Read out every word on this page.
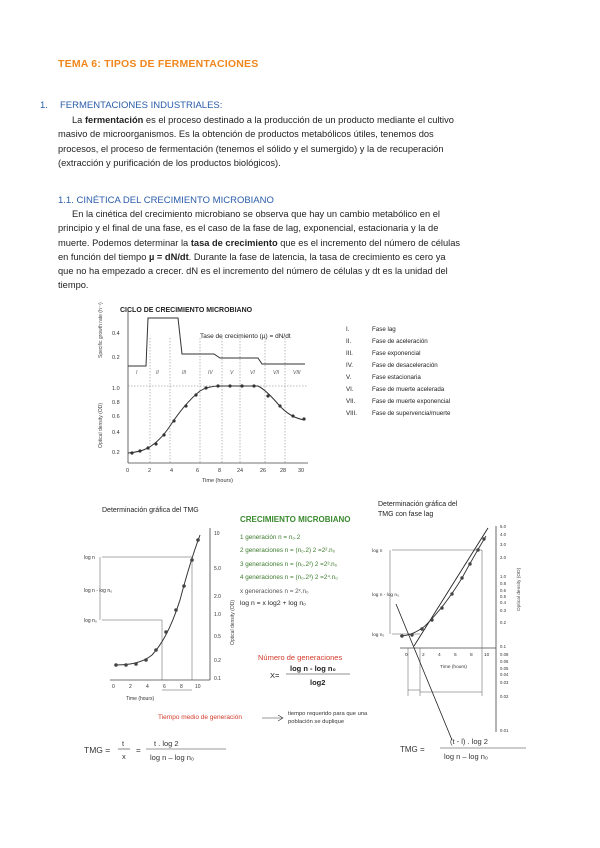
TEMA 6: TIPOS DE FERMENTACIONES
1. FERMENTACIONES INDUSTRIALES:
La fermentación es el proceso destinado a la producción de un producto mediante el cultivo
masivo de microorganismos. Es la obtención de productos metabólicos útiles, tenemos dos
procesos, el proceso de fermentación (tenemos el sólido y el sumergido) y la de recuperación
(extracción y purificación de los productos biológicos).
1.1. CINÉTICA DEL CRECIMIENTO MICROBIANO
En la cinética del crecimiento microbiano se observa que hay un cambio metabólico en el
principio y el final de una fase, es el caso de la fase de lag, exponencial, estacionaria y la de
muerte. Podemos determinar la tasa de crecimiento que es el incremento del número de células
en función del tiempo µ = dN/dt. Durante la fase de latencia, la tasa de crecimiento es cero ya
que no ha empezado a crecer. dN es el incremento del número de células y dt es la unidad del
tiempo.
CICLO DE CRECIMIENTO MICROBIANO
Tase de crecimiento (µ) = dN/dt
Specific growth rate (h⁻¹)
Optical density (OD)
0.4
0.2
1.0
0.8
0.6
0.4
0.2
I	II	III	IV	V	VI	VII	VIII
0	2	4	6	8	24	26	28 30
Time (hours)
I.	Fase lag
II.	Fase de aceleración
III.	Fase exponencial
IV.	Fase de desaceleración
V.	Fase estacionaria
VI.	Fase de muerte acelerada
VII.	Fase de muerte exponencial
VIII. Fase de supervencia/muerte
Determinación gráfica del TMG
10
5.0
2.0
1.0
0.5
0.2
0.1
Optical density (OD)
log n
log n - log n₀
log n₀
0	2	4	6	8 10
Time (hours)
TMG =
t
x
=
t . log 2
log n – log n₀
CRECIMIENTO MICROBIANO
1 generación n = n₀.2
2 generaciones n = (n₀.2) 2 =2².n₀
3 generaciones n = (n₀.2²) 2 =2³.n₀
4 generaciones n = (n₀.2³) 2 =2⁴.n₀
x generaciones n = 2ˣ.n₀
log n = x log2 + log n₀
Número de generaciones
X=
log n - log n₀
log2
Tiempo medio de generación	tiempo requerido para que una
población se duplique
Determinación gráfica del
TMG con fase lag
5.0
4.0
3.0
2.0
1.0
0.8
0.6
0.5
0.4
0.3
0.2
0.1
0.08
0.06
0.05
0.04
0.03
0.02
0.01
Optical density (OD)
log n
log n - log n₀
log n₀
0	2	4	6	8 10
Time (hours)
TMG =
(t - l) . log 2
log n – log n₀
